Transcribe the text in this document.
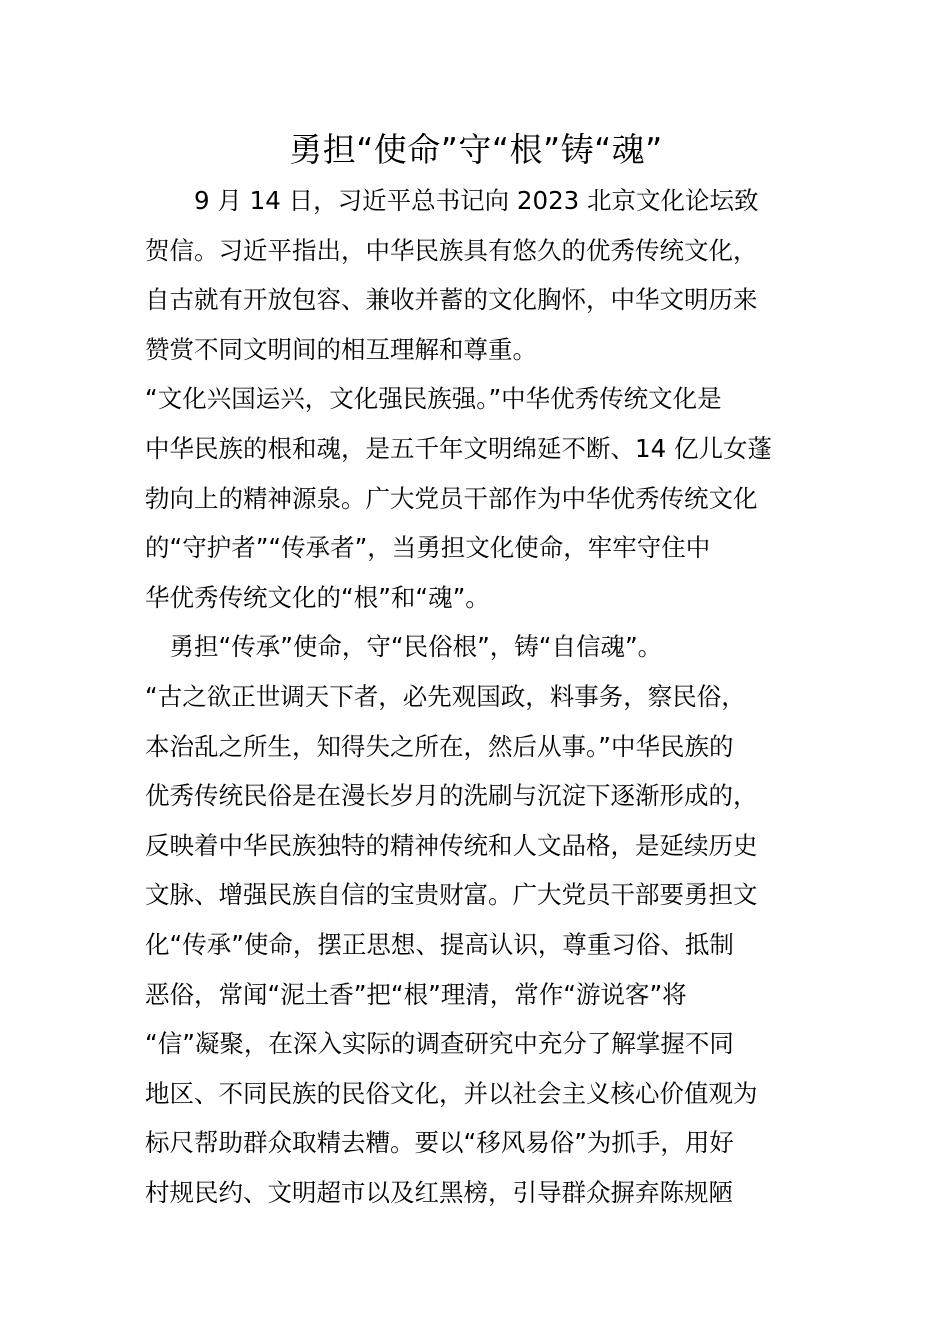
勇担“使命”守“根”铸“魂”

　　9 月 14 日，习近平总书记向 2023 北京文化论坛致
贺信。习近平指出，中华民族具有悠久的优秀传统文化，
自古就有开放包容、兼收并蓄的文化胸怀，中华文明历来
赞赏不同文明间的相互理解和尊重。

“文化兴国运兴，文化强民族强。”中华优秀传统文化是
中华民族的根和魂，是五千年文明绵延不断、14 亿儿女蓬
勃向上的精神源泉。广大党员干部作为中华优秀传统文化
的“守护者”“传承者”，当勇担文化使命，牢牢守住中
华优秀传统文化的“根”和“魂”。

　勇担“传承”使命，守“民俗根”，铸“自信魂”。
“古之欲正世调天下者，必先观国政，料事务，察民俗，
本治乱之所生，知得失之所在，然后从事。”中华民族的
优秀传统民俗是在漫长岁月的洗刷与沉淀下逐渐形成的，
反映着中华民族独特的精神传统和人文品格，是延续历史
文脉、增强民族自信的宝贵财富。广大党员干部要勇担文
化“传承”使命，摆正思想、提高认识，尊重习俗、抵制
恶俗，常闻“泥土香”把“根”理清，常作“游说客”将
“信”凝聚，在深入实际的调查研究中充分了解掌握不同
地区、不同民族的民俗文化，并以社会主义核心价值观为
标尺帮助群众取精去糟。要以“移风易俗”为抓手，用好
村规民约、文明超市以及红黑榜，引导群众摒弃陈规陋
